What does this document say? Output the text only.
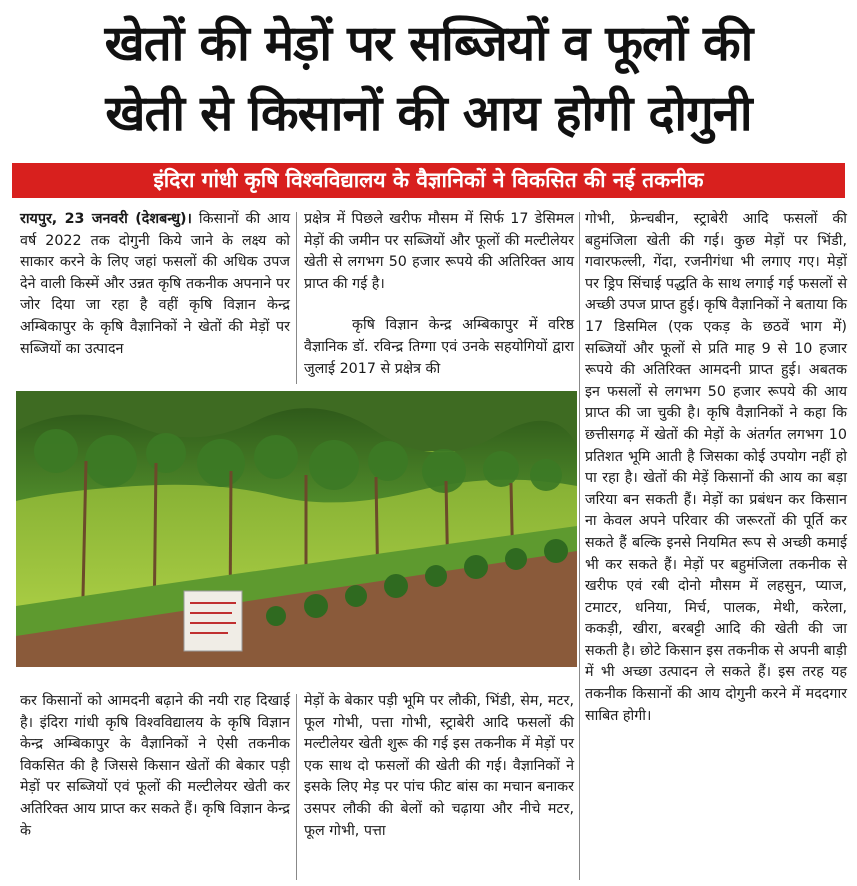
खेतों की मेड़ों पर सब्जियों व फूलों की
खेती से किसानों की आय होगी दोगुनी
इंदिरा गांधी कृषि विश्वविद्यालय के वैज्ञानिकों ने विकसित की नई तकनीक

रायपुर, 23 जनवरी (देशबन्धु)। किसानों की आय वर्ष 2022 तक दोगुनी किये जाने के लक्ष्य को साकार करने के लिए जहां फसलों की अधिक उपज देने वाली किस्में और उन्नत कृषि तकनीक अपनाने पर जोर दिया जा रहा है वहीं कृषि विज्ञान केन्द्र अम्बिकापुर के कृषि वैज्ञानिकों ने खेतों की मेड़ों पर सब्जियों का उत्पादन

प्रक्षेत्र में पिछले खरीफ मौसम में सिर्फ 17 डेसिमल मेड़ों की जमीन पर सब्जियों और फूलों की मल्टीलेयर खेती से लगभग 50 हजार रूपये की अतिरिक्त आय प्राप्त की गई है।

कृषि विज्ञान केन्द्र अम्बिकापुर में वरिष्ठ वैज्ञानिक डॉ. रविन्द्र तिग्गा एवं उनके सहयोगियों द्वारा जुलाई 2017 से प्रक्षेत्र की

गोभी, फ्रेन्चबीन, स्ट्राबेरी आदि फसलों की बहुमंजिला खेती की गई। कुछ मेड़ों पर भिंडी, गवारफल्ली, गेंदा, रजनीगंधा भी लगाए गए। मेड़ों पर ड्रिप सिंचाई पद्धति के साथ लगाई गई फसलों से अच्छी उपज प्राप्त हुई। कृषि वैज्ञानिकों ने बताया कि 17 डिसमिल (एक एकड़ के छठवें भाग में) सब्जियों और फूलों से प्रति माह 9 से 10 हजार रूपये की अतिरिक्त आमदनी प्राप्त हुई। अबतक इन फसलों से लगभग 50 हजार रूपये की आय प्राप्त की जा चुकी है। कृषि वैज्ञानिकों ने कहा कि छत्तीसगढ़ में खेतों की मेड़ों के अंतर्गत लगभग 10 प्रतिशत भूमि आती है जिसका कोई उपयोग नहीं हो पा रहा है। खेतों की मेड़ें किसानों की आय का बड़ा जरिया बन सकती हैं। मेड़ों का प्रबंधन कर किसान ना केवल अपने परिवार की जरूरतों की पूर्ति कर सकते हैं बल्कि इनसे नियमित रूप से अच्छी कमाई भी कर सकते हैं। मेड़ों पर बहुमंजिला तकनीक से खरीफ एवं रबी दोनो मौसम में लहसुन, प्याज, टमाटर, धनिया, मिर्च, पालक, मेथी, करेला, ककड़ी, खीरा, बरबट्टी आदि की खेती की जा सकती है। छोटे किसान इस तकनीक से अपनी बाड़ी में भी अच्छा उत्पादन ले सकते हैं। इस तरह यह तकनीक किसानों की आय दोगुनी करने में मददगार साबित होगी।

कर किसानों को आमदनी बढ़ाने की नयी राह दिखाई है। इंदिरा गांधी कृषि विश्वविद्यालय के कृषि विज्ञान केन्द्र अम्बिकापुर के वैज्ञानिकों ने ऐसी तकनीक विकसित की है जिससे किसान खेतों की बेकार पड़ी मेड़ों पर सब्जियों एवं फूलों की मल्टीलेयर खेती कर अतिरिक्त आय प्राप्त कर सकते हैं। कृषि विज्ञान केन्द्र के

मेड़ों के बेकार पड़ी भूमि पर लौकी, भिंडी, सेम, मटर, फूल गोभी, पत्ता गोभी, स्ट्राबेरी आदि फसलों की मल्टीलेयर खेती शुरू की गई इस तकनीक में मेड़ों पर एक साथ दो फसलों की खेती की गई। वैज्ञानिकों ने इसके लिए मेड़ पर पांच फीट बांस का मचान बनाकर उसपर लौकी की बेलों को चढ़ाया और नीचे मटर, फूल गोभी, पत्ता
